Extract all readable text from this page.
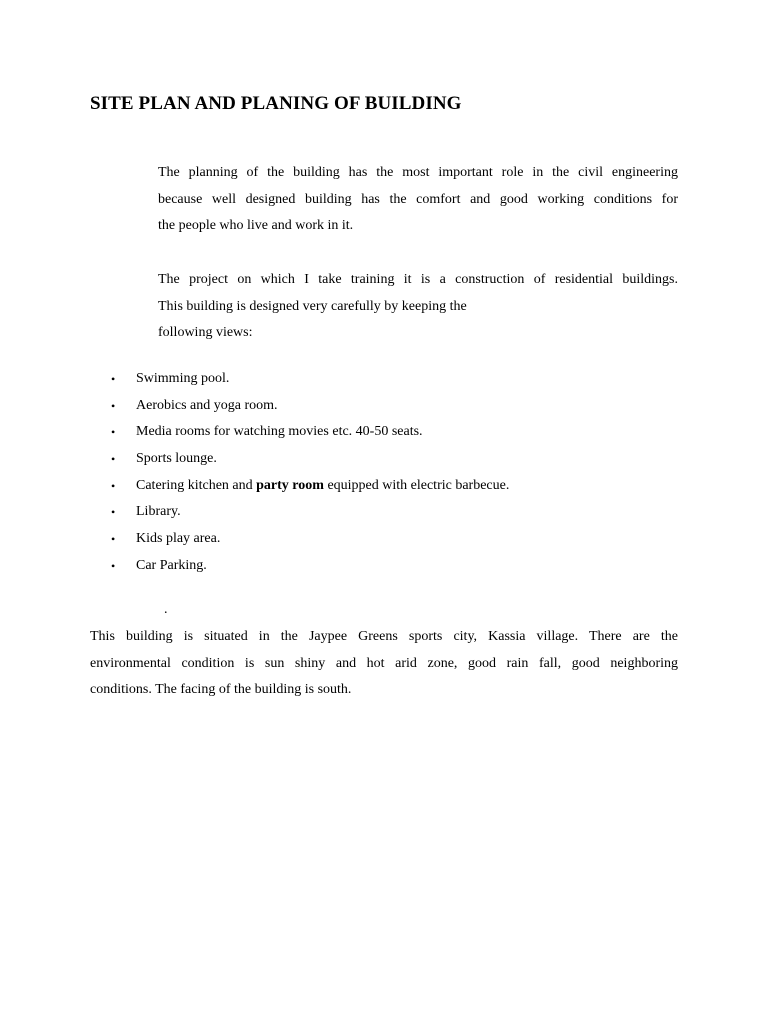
SITE PLAN AND PLANING OF BUILDING
The planning of the building has the most important role in the civil engineering
because well designed building has the comfort and good working conditions for
the people who live and work in it.
The project on which I take training it is a construction of residential buildings.
This building is designed very carefully by keeping the
following views:
• Swimming pool.
• Aerobics and yoga room.
• Media rooms for watching movies etc. 40-50 seats.
• Sports lounge.
• Catering kitchen and party room equipped with electric barbecue.
• Library.
• Kids play area.
• Car Parking.
.
This building is situated in the Jaypee Greens sports city, Kassia village. There are the
environmental condition is sun shiny and hot arid zone, good rain fall, good neighboring
conditions. The facing of the building is south.
